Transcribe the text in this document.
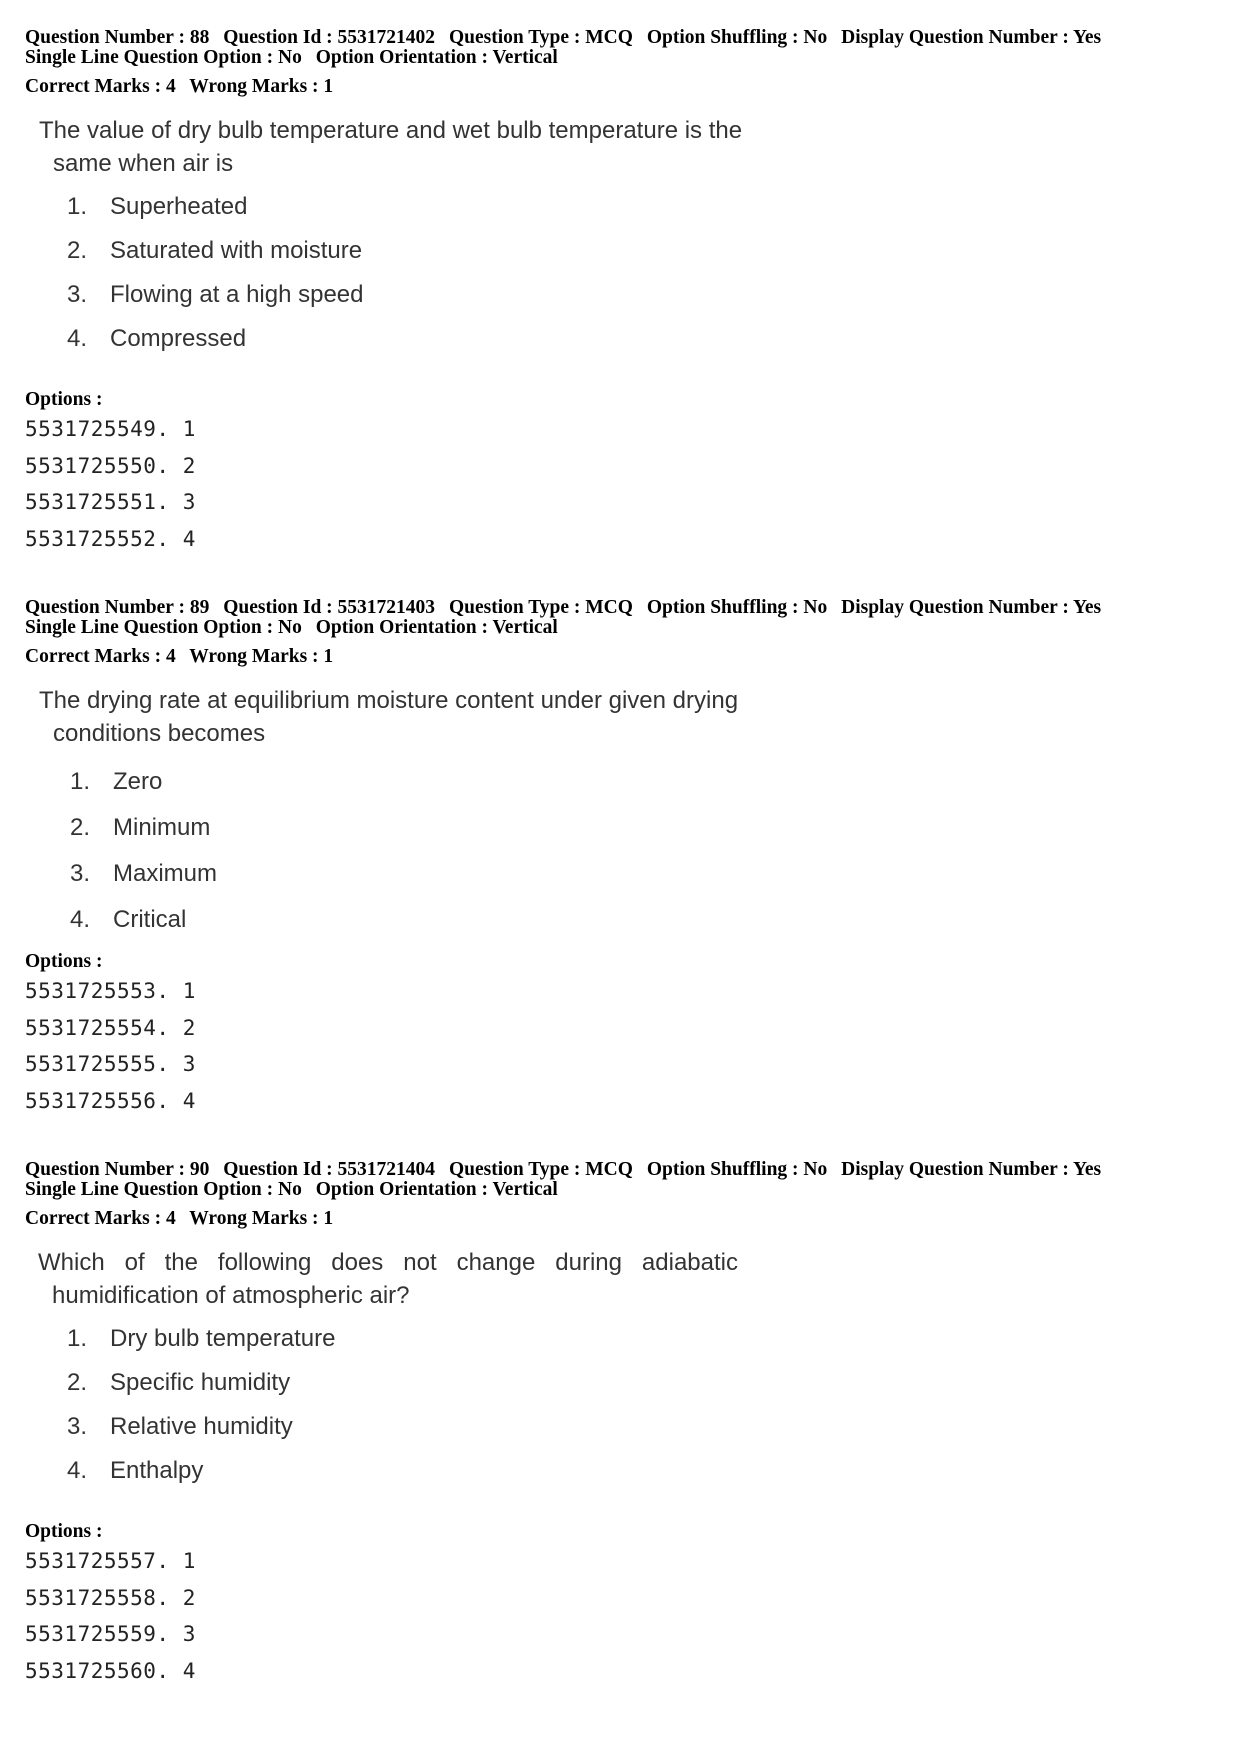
Question Number : 88 Question Id : 5531721402 Question Type : MCQ Option Shuffling : No Display Question Number : Yes
Single Line Question Option : No Option Orientation : Vertical
Correct Marks : 4 Wrong Marks : 1
The value of dry bulb temperature and wet bulb temperature is the
same when air is
1. Superheated
2. Saturated with moisture
3. Flowing at a high speed
4. Compressed
Options :
5531725549. 1
5531725550. 2
5531725551. 3
5531725552. 4
Question Number : 89 Question Id : 5531721403 Question Type : MCQ Option Shuffling : No Display Question Number : Yes
Single Line Question Option : No Option Orientation : Vertical
Correct Marks : 4 Wrong Marks : 1
The drying rate at equilibrium moisture content under given drying
conditions becomes
1. Zero
2. Minimum
3. Maximum
4. Critical
Options :
5531725553. 1
5531725554. 2
5531725555. 3
5531725556. 4
Question Number : 90 Question Id : 5531721404 Question Type : MCQ Option Shuffling : No Display Question Number : Yes
Single Line Question Option : No Option Orientation : Vertical
Correct Marks : 4 Wrong Marks : 1
Which of the following does not change during adiabatic
humidification of atmospheric air?
1. Dry bulb temperature
2. Specific humidity
3. Relative humidity
4. Enthalpy
Options :
5531725557. 1
5531725558. 2
5531725559. 3
5531725560. 4
